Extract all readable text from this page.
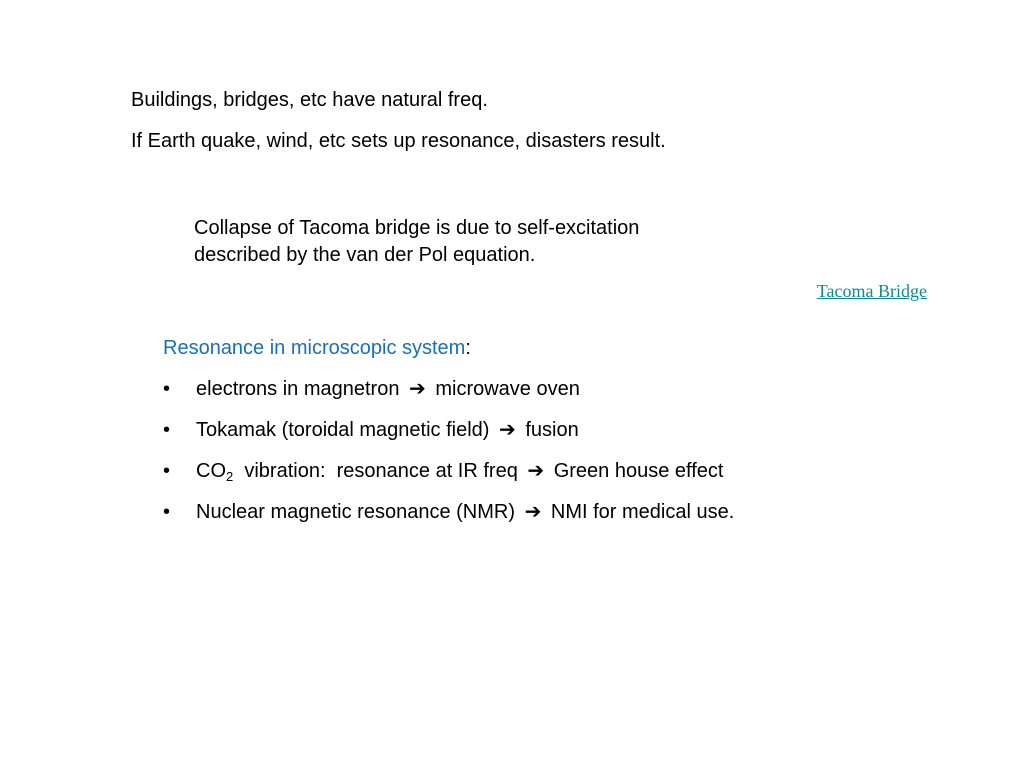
Buildings, bridges, etc have natural freq.

If Earth quake, wind, etc sets up resonance, disasters result.

Collapse of Tacoma bridge is due to self-excitation

described by the van der Pol equation.

Tacoma Bridge

Resonance in microscopic system:

• electrons in magnetron ➔ microwave oven
• Tokamak (toroidal magnetic field) ➔ fusion
• $CO_2$  vibration:  resonance at IR freq ➔ Green house effect
• Nuclear magnetic resonance (NMR) ➔ NMI for medical use.
